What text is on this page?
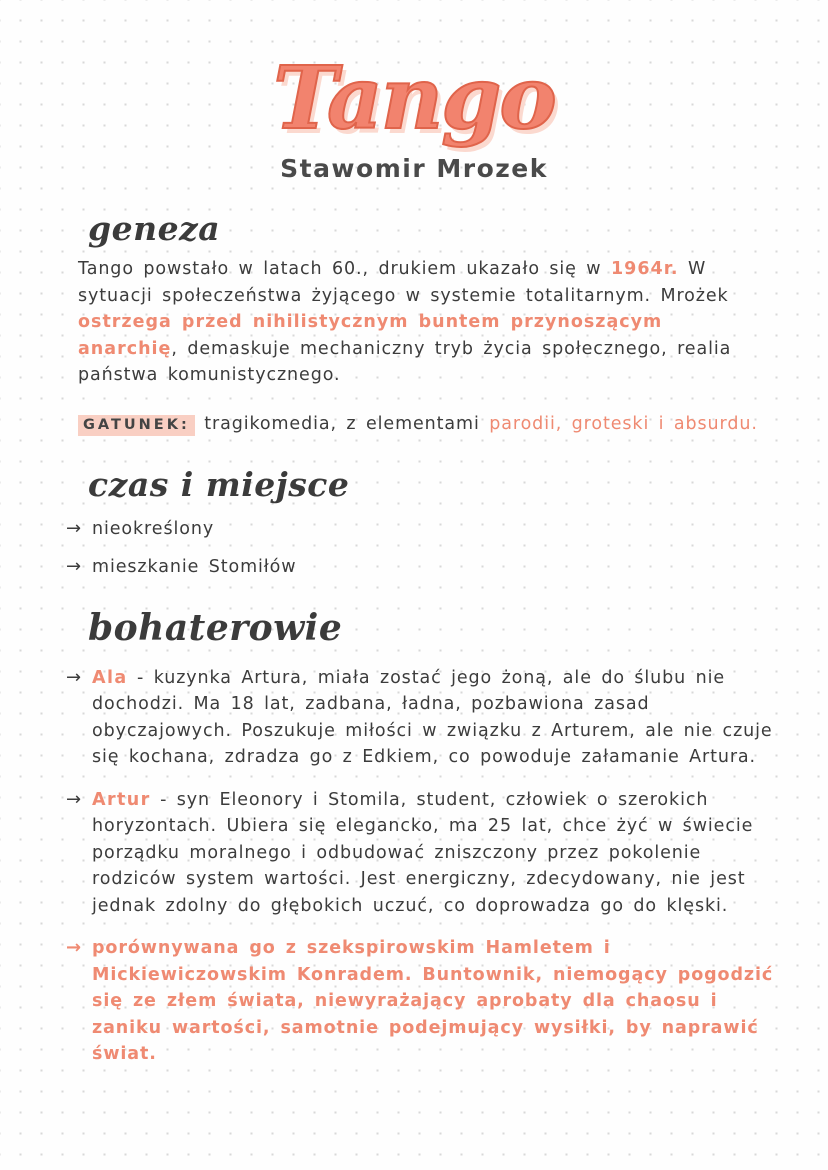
Tango
Stawomir Mrozek
geneza
Tango powstało w latach 60., drukiem ukazało się w 1964r. W sytuacji społeczeństwa żyjącego w systemie totalitarnym. Mrożek ostrzega przed nihilistycznym buntem przynoszącym anarchię, demaskuje mechaniczny tryb życia społecznego, realia państwa komunistycznego.
GATUNEK: tragikomedia, z elementami parodii, groteski i absurdu.
czas i miejsce
→ nieokreślony
→ mieszkanie Stomiłów
bohaterowie
→ Ala - kuzynka Artura, miała zostać jego żoną, ale do ślubu nie dochodzi. Ma 18 lat, zadbana, ładna, pozbawiona zasad obyczajowych. Poszukuje miłości w związku z Arturem, ale nie czuje się kochana, zdradza go z Edkiem, co powoduje załamanie Artura.
→ Artur - syn Eleonory i Stomila, student, człowiek o szerokich horyzontach. Ubiera się elegancko, ma 25 lat, chce żyć w świecie porządku moralnego i odbudować zniszczony przez pokolenie rodziców system wartości. Jest energiczny, zdecydowany, nie jest jednak zdolny do głębokich uczuć, co doprowadza go do klęski.
→ porównywana go z szekspirowskim Hamletem i Mickiewiczowskim Konradem. Buntownik, niemogący pogodzić się ze złem świata, niewyrażający aprobaty dla chaosu i zaniku wartości, samotnie podejmujący wysiłki, by naprawić świat.
